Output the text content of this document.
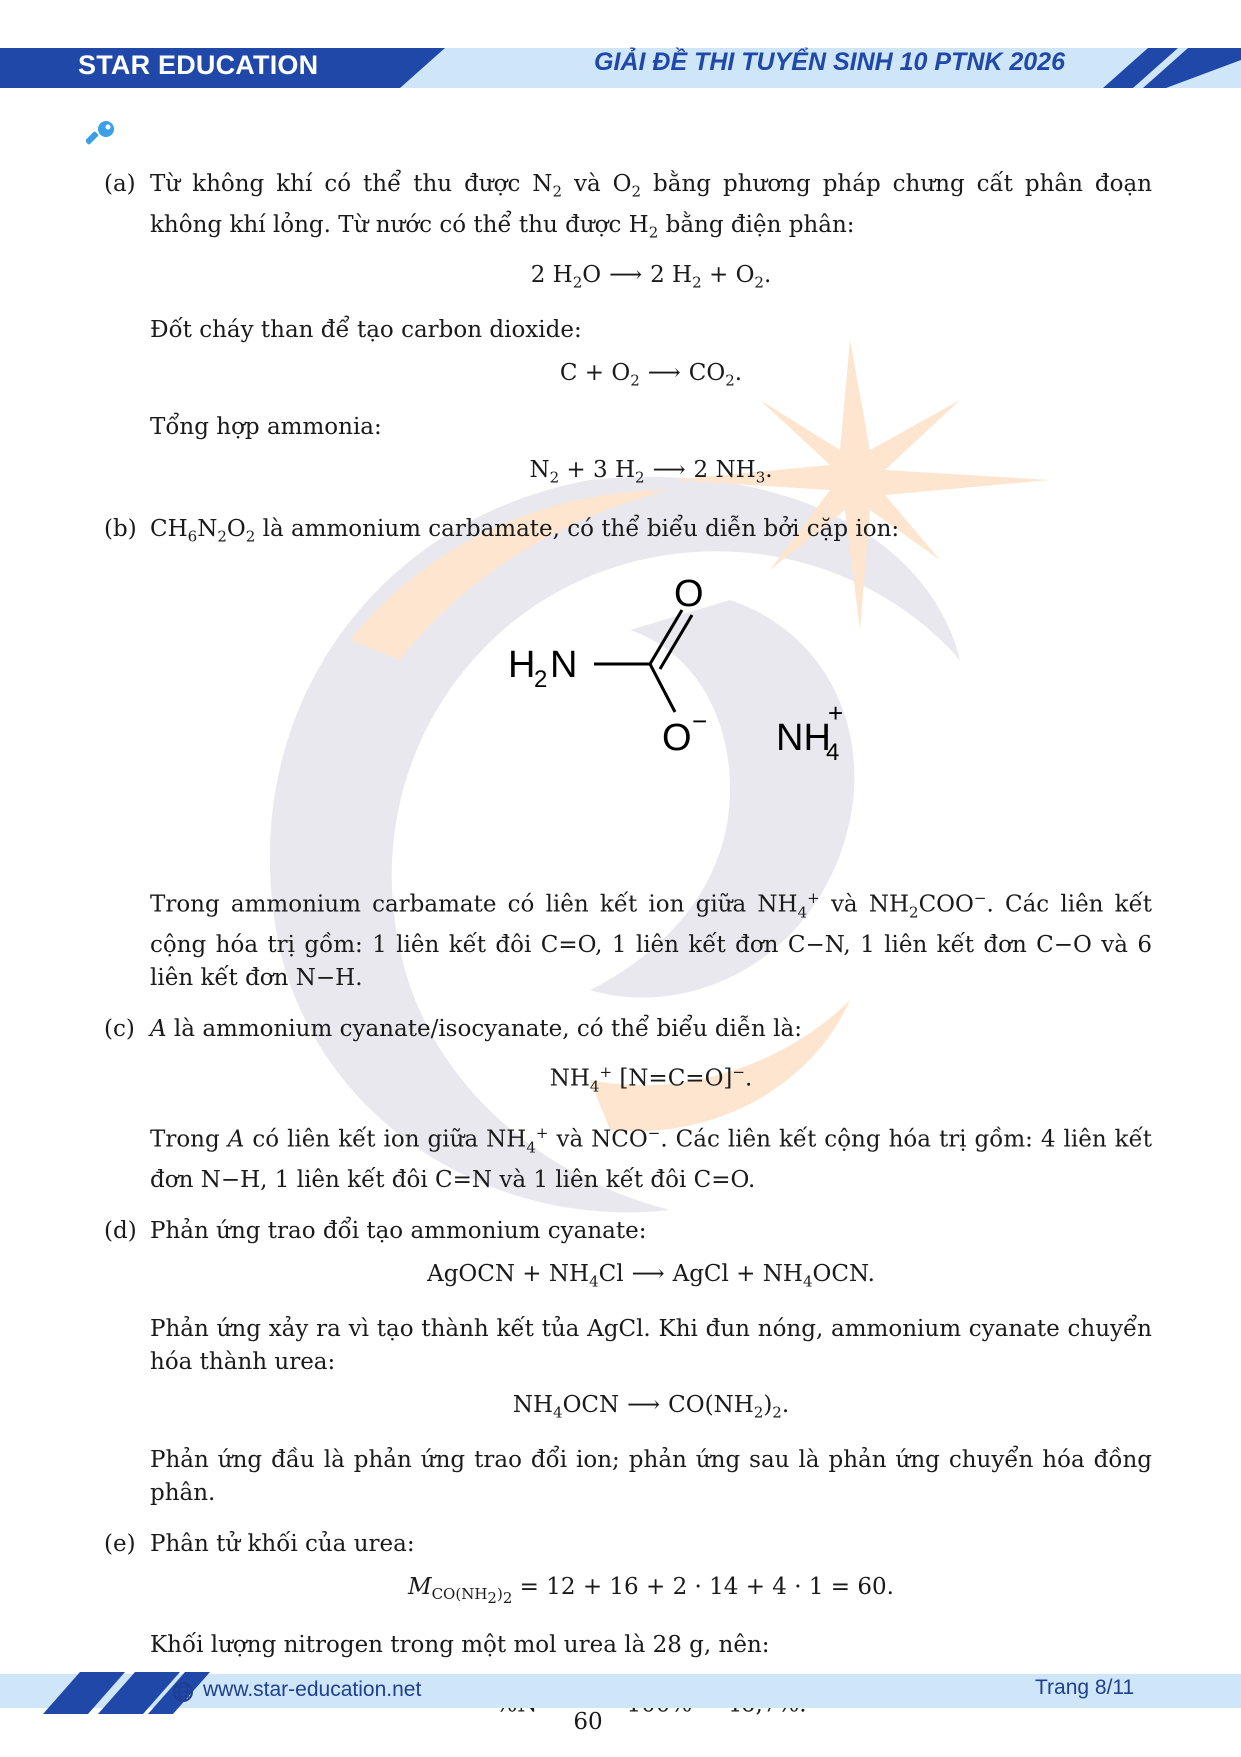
STAR EDUCATION	GIẢI ĐỀ THI TUYỂN SINH 10 PTNK 2026
(a) Từ không khí có thể thu được $N_2$ và $O_2$ bằng phương pháp chưng cất phân đoạn không khí lỏng. Từ nước có thể thu được $H_2$ bằng điện phân:

2 $H_2O$ ⟶ 2 $H_2 + O_2$.

Đốt cháy than để tạo carbon dioxide:

$C + O_2$ ⟶ $CO_2$.

Tổng hợp ammonia:

$N_2 + 3$ $H_2$ ⟶ 2 $NH_3$.
(b) $CH_6N_2O_2$ là ammonium carbamate, có thể biểu diễn bởi cặp ion:

O
H
2 N
O − NH
4
+

Trong ammonium carbamate có liên kết ion giữa $NH_4^+$ và $NH_2COO^-$. Các liên kết cộng hóa trị gồm: 1 liên kết đôi C=O, 1 liên kết đơn C−N, 1 liên kết đơn C−O và 6 liên kết đơn N−H.

(c) A là ammonium cyanate/isocyanate, có thể biểu diễn là:

$NH_4^+$ [N=C=O]−.

Trong A có liên kết ion giữa $NH_4^+$ và NCO−. Các liên kết cộng hóa trị gồm: 4 liên kết đơn N−H, 1 liên kết đôi C=N và 1 liên kết đôi C=O.

(d) Phản ứng trao đổi tạo ammonium cyanate:

AgOCN + $NH_4Cl$ ⟶ AgCl + $NH_4OCN$.

Phản ứng xảy ra vì tạo thành kết tủa AgCl. Khi đun nóng, ammonium cyanate chuyển hóa thành urea:

$NH_4OCN$ ⟶ $CO(NH_2)_2$.

Phản ứng đầu là phản ứng trao đổi ion; phản ứng sau là phản ứng chuyển hóa đồng phân.

(e) Phân tử khối của urea:

$M_{CO(NH_2)_2} = 12 + 16 + 2 \cdot 14 + 4 \cdot 1 = 60$.

Khối lượng nitrogen trong một mol urea là 28 g, nên:

60
www.star-education.net	Trang 8/11
